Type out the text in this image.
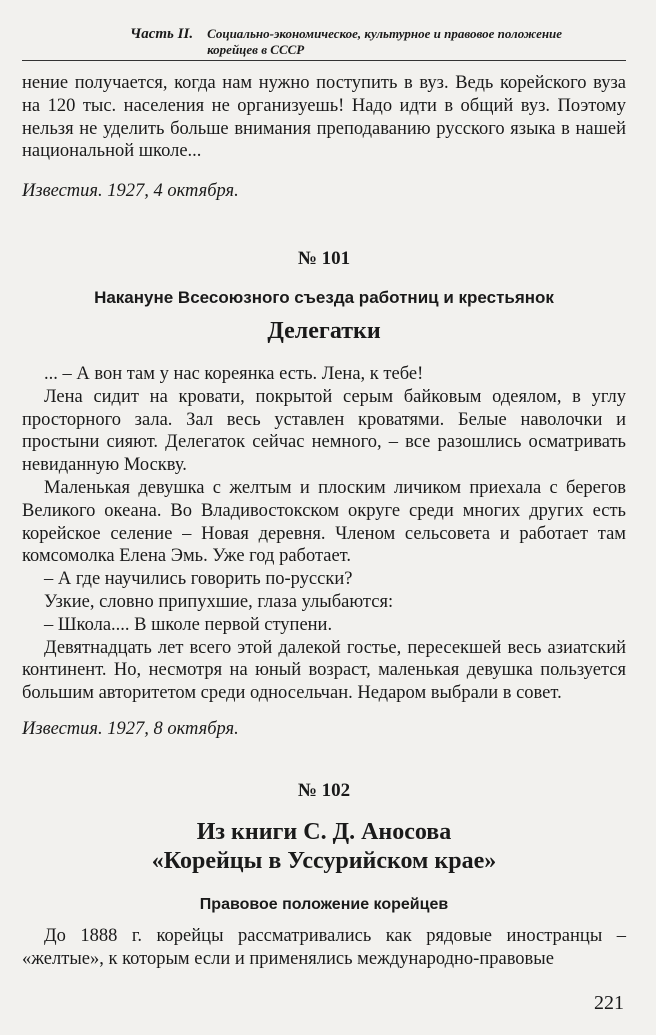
Часть II. Социально-экономическое, культурное и правовое положение
корейцев в СССР

нение получается, когда нам нужно поступить в вуз. Ведь корейского вуза на 120 тыс. населения не организуешь! Надо идти в общий вуз. Поэтому нельзя не уделить больше внимания преподаванию русского языка в нашей национальной школе...

Известия. 1927, 4 октября.

№ 101

Накануне Всесоюзного съезда работниц и крестьянок

Делегатки

... – А вон там у нас кореянка есть. Лена, к тебе!

Лена сидит на кровати, покрытой серым байковым одеялом, в углу просторного зала. Зал весь уставлен кроватями. Белые наволочки и простыни сияют. Делегаток сейчас немного, – все разошлись осматривать невиданную Москву.

Маленькая девушка с желтым и плоским личиком приехала с берегов Великого океана. Во Владивостокском округе среди многих других есть корейское селение – Новая деревня. Членом сельсовета и работает там комсомолка Елена Эмь. Уже год работает.

– А где научились говорить по-русски?

Узкие, словно припухшие, глаза улыбаются:

– Школа.... В школе первой ступени.

Девятнадцать лет всего этой далекой гостье, пересекшей весь азиатский континент. Но, несмотря на юный возраст, маленькая девушка пользуется большим авторитетом среди односельчан. Недаром выбрали в совет.

Известия. 1927, 8 октября.

№ 102

Из книги С. Д. Аносова

«Корейцы в Уссурийском крае»

Правовое положение корейцев

До 1888 г. корейцы рассматривались как рядовые иностранцы – «желтые», к которым если и применялись международно-правовые

221
